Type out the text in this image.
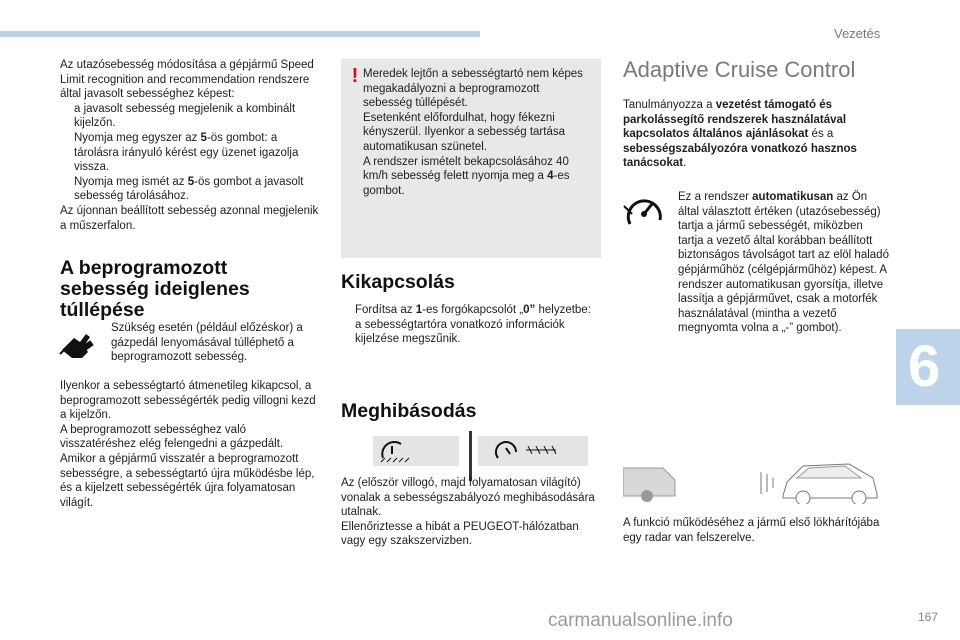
Vezetés
6

Az utazósebesség módosítása a gépjármű Speed Limit recognition and recommendation rendszere által javasolt sebességhez képest:

a javasolt sebesség megjelenik a kombinált kijelzőn.
Nyomja meg egyszer az 5-ös gombot: a tárolásra irányuló kérést egy üzenet igazolja vissza.
Nyomja meg ismét az 5-ös gombot a javasolt sebesség tárolásához.

Az újonnan beállított sebesség azonnal megjelenik a műszerfalon.

A beprogramozott sebesség ideiglenes túllépése
Szükség esetén (például előzéskor) a gázpedál lenyomásával túlléphető a beprogramozott sebesség.
Ilyenkor a sebességtartó átmenetileg kikapcsol, a beprogramozott sebességérték pedig villogni kezd a kijelzőn.
A beprogramozott sebességhez való visszatéréshez elég felengedni a gázpedált.
Amikor a gépjármű visszatér a beprogramozott sebességre, a sebességtartó újra működésbe lép, és a kijelzett sebességérték újra folyamatosan világít.
! Meredek lejtőn a sebességtartó nem képes megakadályozni a beprogramozott sebesség túllépését.
Esetenként előfordulhat, hogy fékezni kényszerül. Ilyenkor a sebesség tartása automatikusan szünetel.
A rendszer ismételt bekapcsolásához 40 km/h sebesség felett nyomja meg a 4-es gombot.
Kikapcsolás
Fordítsa az 1-es forgókapcsolót „0” helyzetbe: a sebességtartóra vonatkozó információk kijelzése megszűnik.
Meghibásodás
Az (először villogó, majd folyamatosan világító) vonalak a sebességszabályozó meghibásodására utalnak.
Ellenőriztesse a hibát a PEUGEOT-hálózatban vagy egy szakszervizben.
Adaptive Cruise Control
Tanulmányozza a vezetést támogató és parkolássegítő rendszerek használatával kapcsolatos általános ajánlásokat és a sebességszabályozóra vonatkozó hasznos tanácsokat.
Ez a rendszer automatikusan az Ön által választott értéken (utazósebesség) tartja a jármű sebességét, miközben tartja a vezető által korábban beállított biztonságos távolságot tart az elöl haladó gépjárműhöz (célgépjárműhöz) képest. A rendszer automatikusan gyorsítja, illetve lassítja a gépjárművet, csak a motorfék használatával (mintha a vezető megnyomta volna a „-” gombot).
A funkció működéséhez a jármű első lökhárítójába egy radar van felszerelve.
carmanualsonline.info	167
